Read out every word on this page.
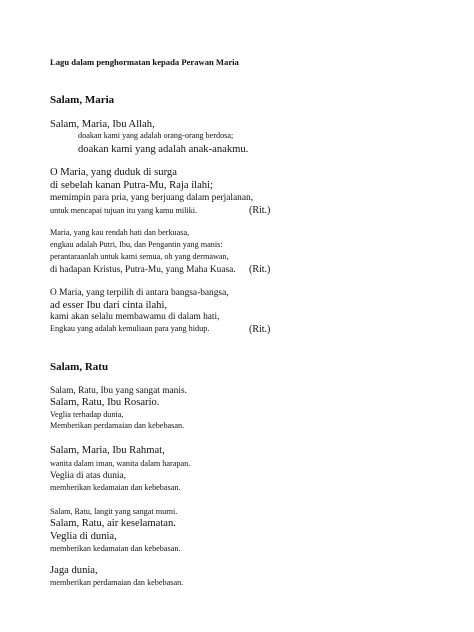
Lagu dalam penghormatan kepada Perawan Maria
Salam, Maria
Salam, Maria, Ibu Allah,
doakan kami yang adalah orang-orang berdosa;
doakan kami yang adalah anak-anakmu.
O Maria, yang duduk di surga
di sebelah kanan Putra-Mu, Raja ilahi;
memimpin para pria, yang berjuang dalam perjalanan,
untuk mencapai tujuan itu yang kamu miliki.	(Rit.)
Maria, yang kau rendah hati dan berkuasa,
engkau adalah Putri, Ibu, dan Pengantin yang manis:
perantaraanlah untuk kami semua, oh yang dermawan,
di hadapan Kristus, Putra-Mu, yang Maha Kuasa. (Rit.)
O Maria, yang terpilih di antara bangsa-bangsa,
ad esser Ibu dari cinta ilahi,
kami akan selalu membawamu di dalam hati,
Engkau yang adalah kemuliaan para yang hidup.	(Rit.)
Salam, Ratu
Salam, Ratu, Ibu yang sangat manis.
Salam, Ratu, Ibu Rosario.
Veglia terhadap dunia,
Memberikan perdamaian dan kebebasan.
Salam, Maria, Ibu Rahmat,
wanita dalam iman, wanita dalam harapan.
Veglia di atas dunia,
memberikan kedamaian dan kebebasan.
Salam, Ratu, langit yang sangat murni.
Salam, Ratu, air keselamatan.
Veglia di dunia,
memberikan kedamaian dan kebebasan.
Jaga dunia,
memberikan perdamaian dan kebebasan.
